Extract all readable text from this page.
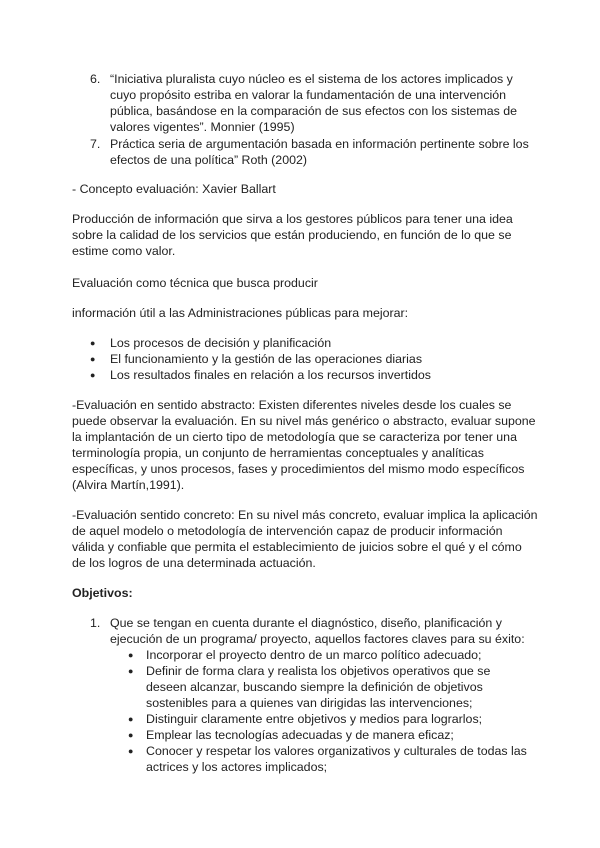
6. “Iniciativa pluralista cuyo núcleo es el sistema de los actores implicados y
cuyo propósito estriba en valorar la fundamentación de una intervención
pública, basándose en la comparación de sus efectos con los sistemas de
valores vigentes”. Monnier (1995)
7. Práctica seria de argumentación basada en información pertinente sobre los
efectos de una política” Roth (2002)
- Concepto evaluación: Xavier Ballart
Producción de información que sirva a los gestores públicos para tener una idea
sobre la calidad de los servicios que están produciendo, en función de lo que se
estime como valor.
Evaluación como técnica que busca producir
información útil a las Administraciones públicas para mejorar:
● Los procesos de decisión y planificación
● El funcionamiento y la gestión de las operaciones diarias
● Los resultados finales en relación a los recursos invertidos
-Evaluación en sentido abstracto: Existen diferentes niveles desde los cuales se
puede observar la evaluación. En su nivel más genérico o abstracto, evaluar supone
la implantación de un cierto tipo de metodología que se caracteriza por tener una
terminología propia, un conjunto de herramientas conceptuales y analíticas
específicas, y unos procesos, fases y procedimientos del mismo modo específicos
(Alvira Martín,1991).
-Evaluación sentido concreto: En su nivel más concreto, evaluar implica la aplicación
de aquel modelo o metodología de intervención capaz de producir información
válida y confiable que permita el establecimiento de juicios sobre el qué y el cómo
de los logros de una determinada actuación.
Objetivos:
1. Que se tengan en cuenta durante el diagnóstico, diseño, planificación y
ejecución de un programa/ proyecto, aquellos factores claves para su éxito:
● Incorporar el proyecto dentro de un marco político adecuado;
● Definir de forma clara y realista los objetivos operativos que se
deseen alcanzar, buscando siempre la definición de objetivos
sostenibles para a quienes van dirigidas las intervenciones;
● Distinguir claramente entre objetivos y medios para lograrlos;
● Emplear las tecnologías adecuadas y de manera eficaz;
● Conocer y respetar los valores organizativos y culturales de todas las
actrices y los actores implicados;
